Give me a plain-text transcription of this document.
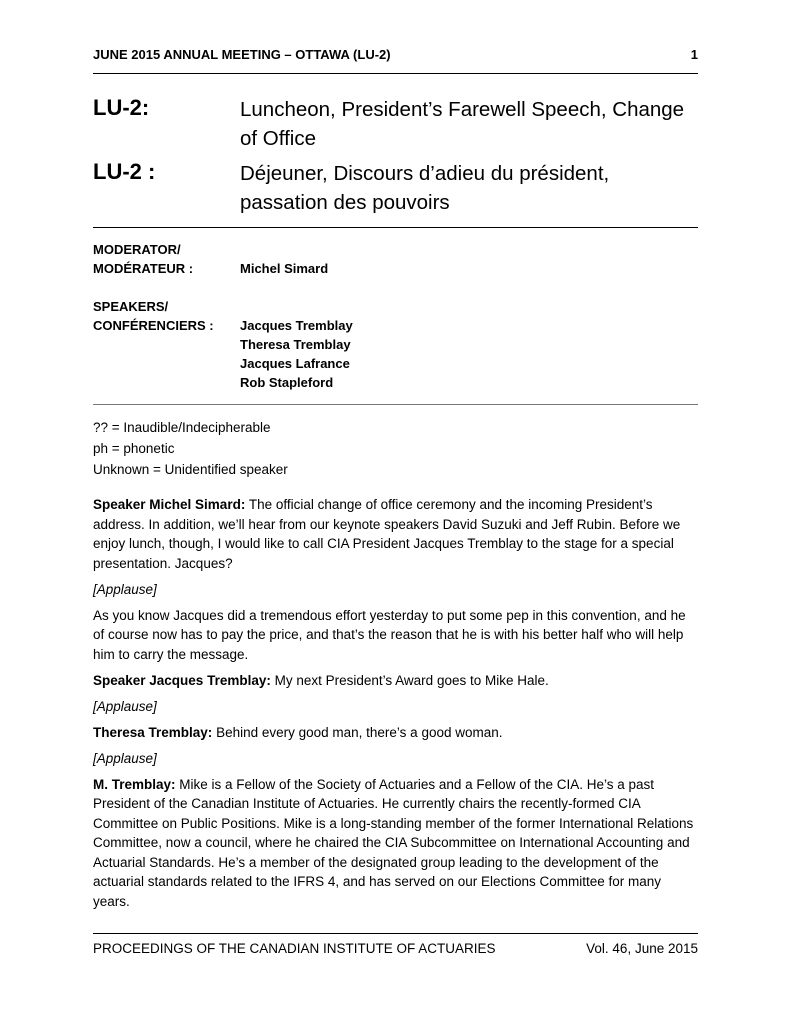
JUNE 2015 ANNUAL MEETING – OTTAWA (LU-2)	1
LU-2:	Luncheon, President’s Farewell Speech, Change of Office
LU-2 :	Déjeuner, Discours d’adieu du président, passation des pouvoirs
MODERATOR/
MODÉRATEUR :	Michel Simard
SPEAKERS/
CONFÉRENCIERS : Jacques Tremblay
Theresa Tremblay
Jacques Lafrance
Rob Stapleford
?? = Inaudible/Indecipherable
ph = phonetic
Unknown = Unidentified speaker

Speaker Michel Simard: The official change of office ceremony and the incoming President’s address. In addition, we’ll hear from our keynote speakers David Suzuki and Jeff Rubin. Before we enjoy lunch, though, I would like to call CIA President Jacques Tremblay to the stage for a special presentation. Jacques?

[Applause]

As you know Jacques did a tremendous effort yesterday to put some pep in this convention, and he of course now has to pay the price, and that’s the reason that he is with his better half who will help him to carry the message.

Speaker Jacques Tremblay: My next President’s Award goes to Mike Hale.

[Applause]

Theresa Tremblay: Behind every good man, there’s a good woman.

[Applause]

M. Tremblay: Mike is a Fellow of the Society of Actuaries and a Fellow of the CIA. He’s a past President of the Canadian Institute of Actuaries. He currently chairs the recently-formed CIA Committee on Public Positions. Mike is a long-standing member of the former International Relations Committee, now a council, where he chaired the CIA Subcommittee on International Accounting and Actuarial Standards. He’s a member of the designated group leading to the development of the actuarial standards related to the IFRS 4, and has served on our Elections Committee for many years.

PROCEEDINGS OF THE CANADIAN INSTITUTE OF ACTUARIES	Vol. 46, June 2015
